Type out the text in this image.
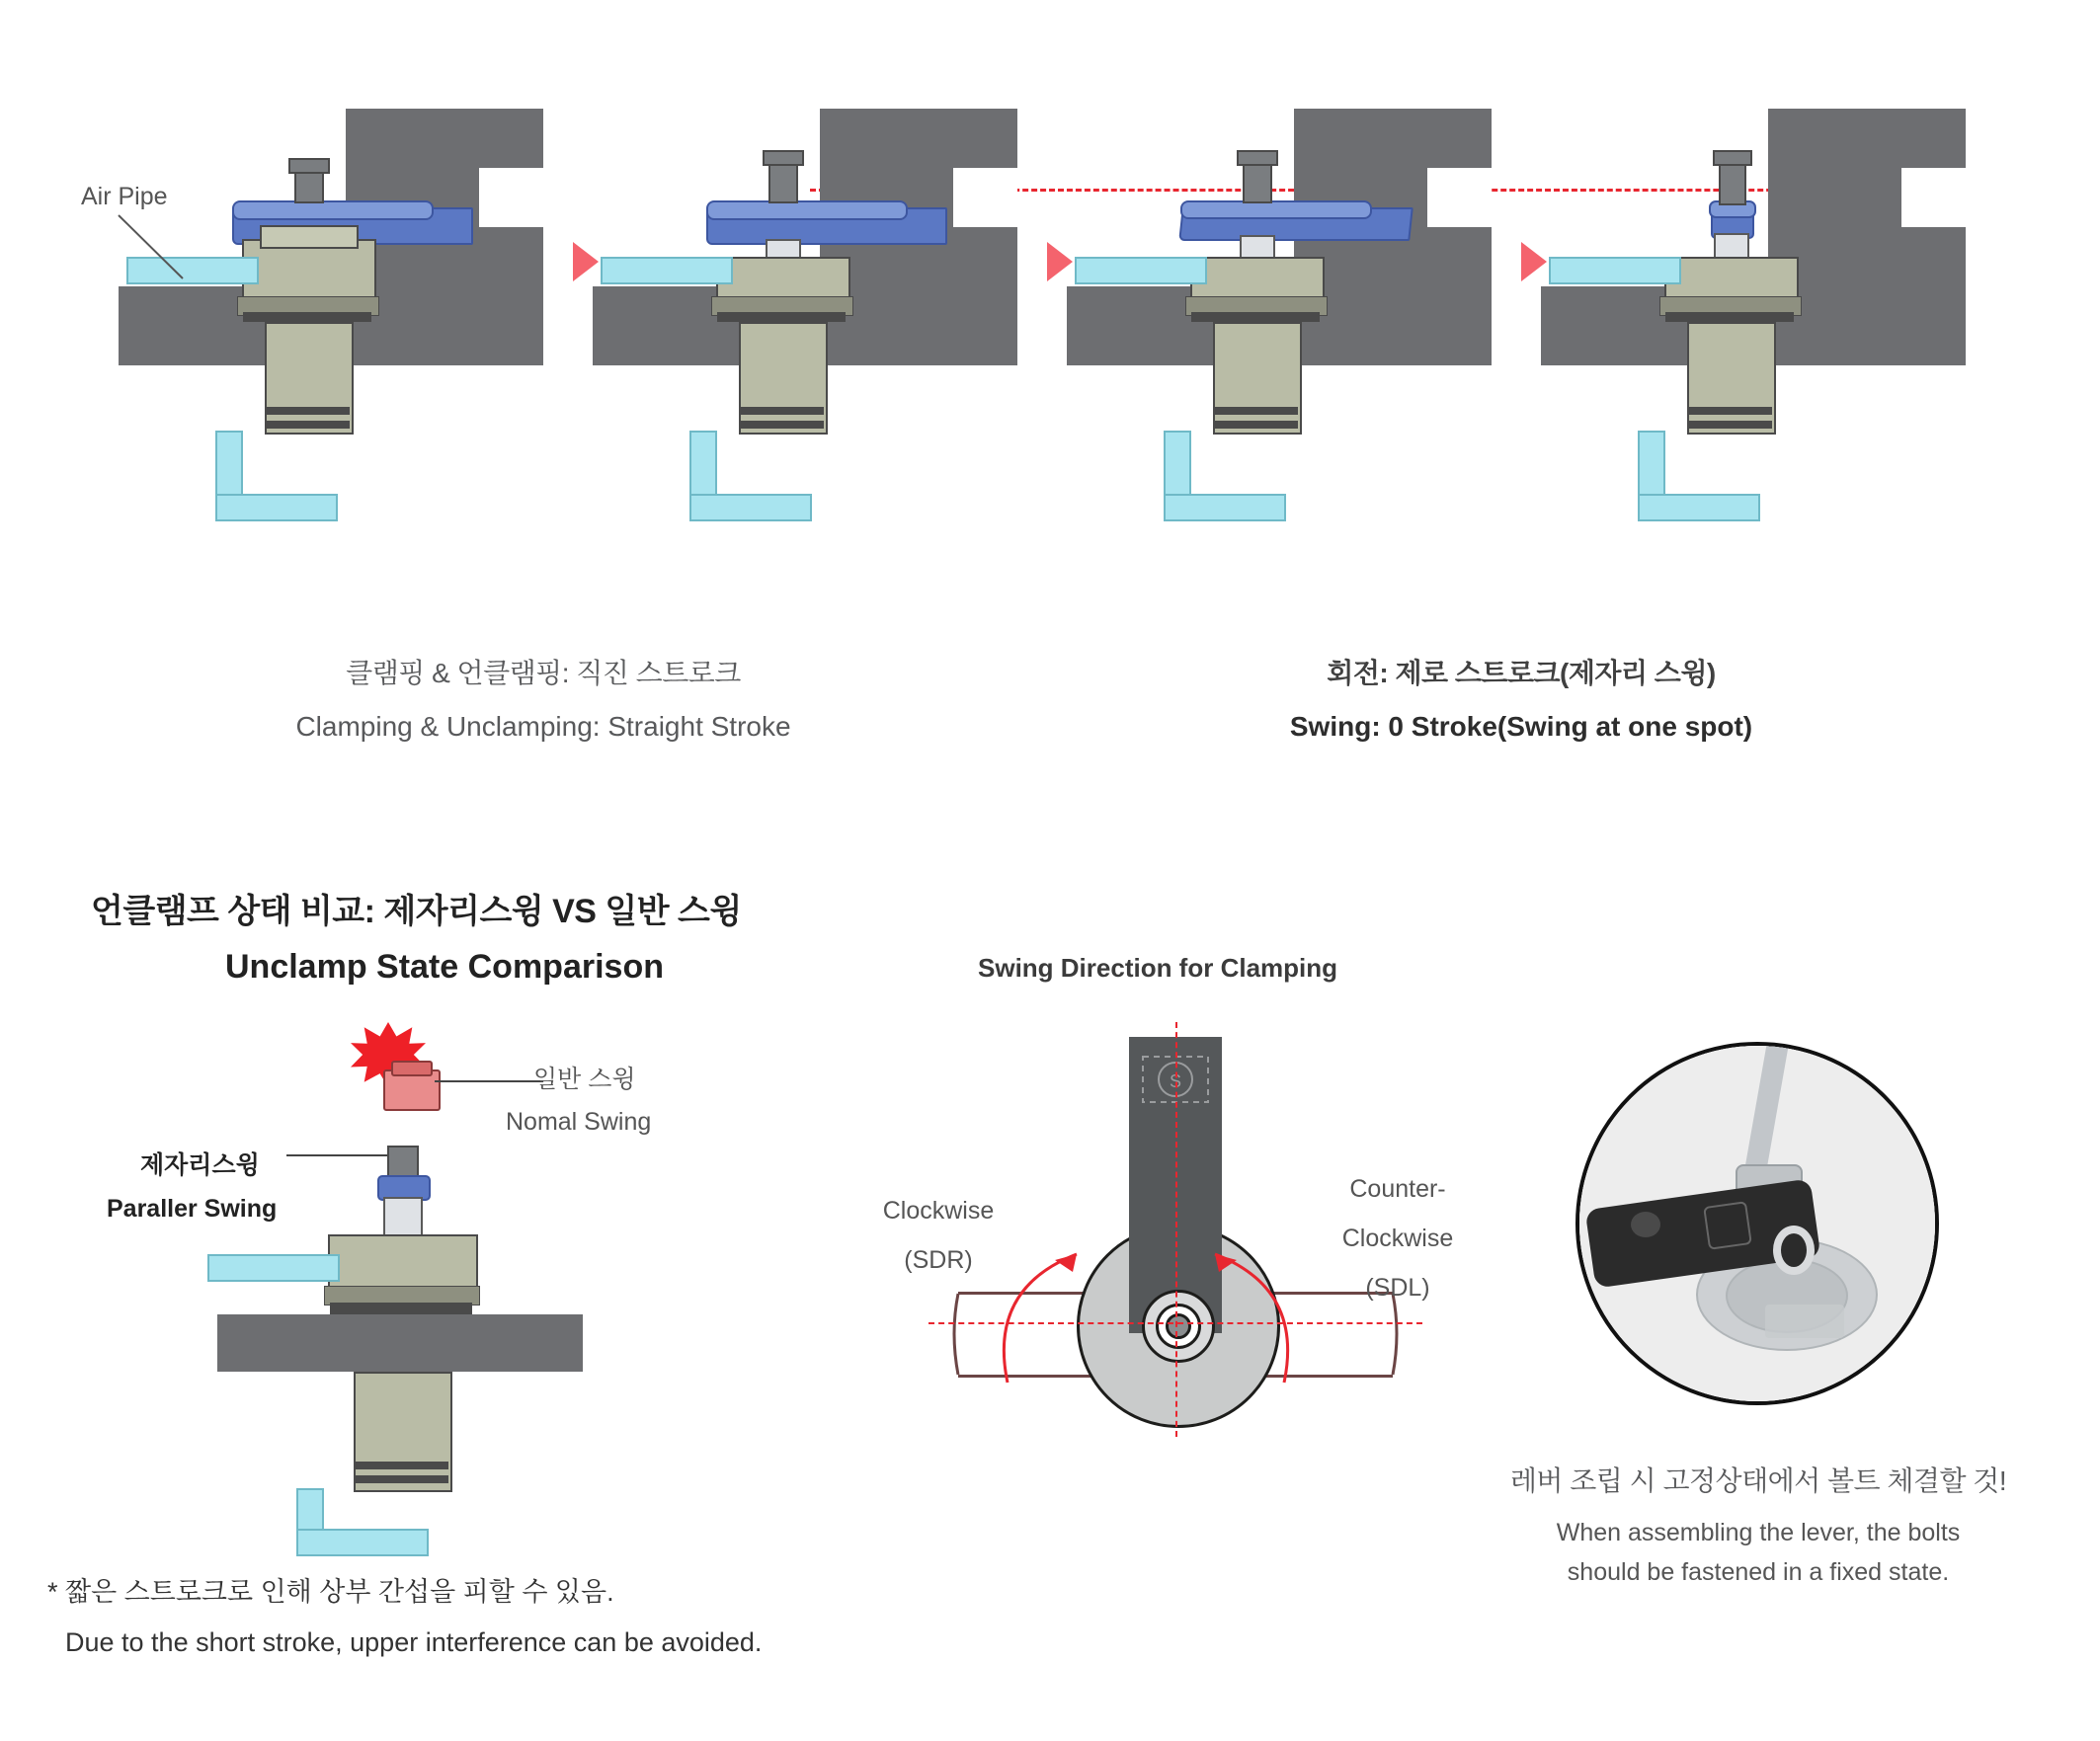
Air Pipe
클램핑 & 언클램핑: 직진 스트로크
Clamping & Unclamping: Straight Stroke
회전: 제로 스트로크(제자리 스윙)
Swing: 0 Stroke(Swing at one spot)
언클램프 상태 비교: 제자리스윙 VS 일반 스윙
Unclamp State Comparison
일반 스윙
Nomal Swing
제자리스윙
Paraller Swing
* 짧은 스트로크로 인해 상부 간섭을 피할 수 있음.
Due to the short stroke, upper interference can be avoided.
Swing Direction for Clamping
S
Clockwise
(SDR)
Counter-
Clockwise
(SDL)
레버 조립 시 고정상태에서 볼트 체결할 것!
When assembling the lever, the bolts
should be fastened in a fixed state.
